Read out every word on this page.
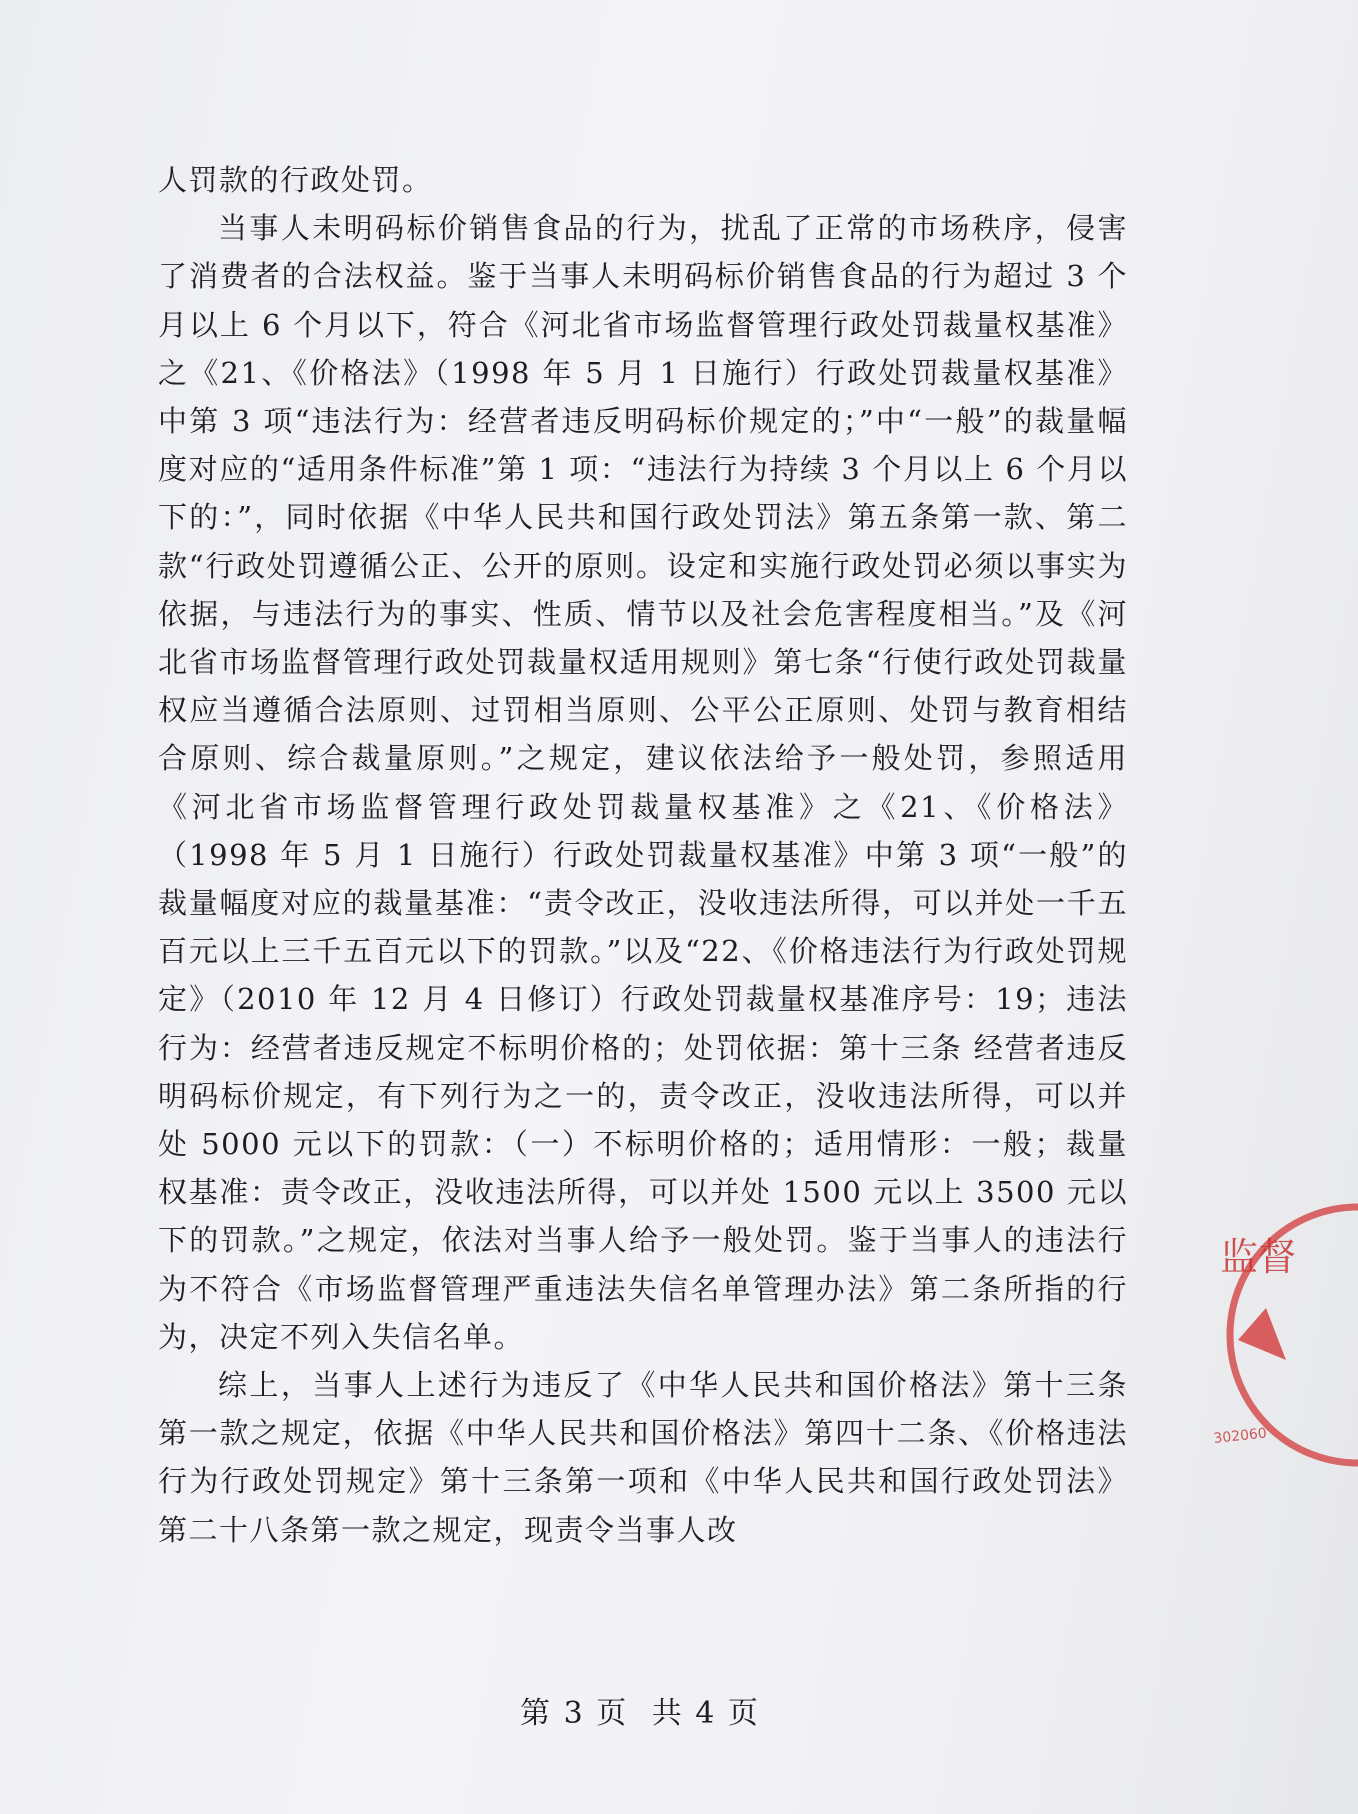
人罚款的行政处罚。

当事人未明码标价销售食品的行为，扰乱了正常的市场秩序，侵害了消费者的合法权益。鉴于当事人未明码标价销售食品的行为超过 3 个月以上 6 个月以下，符合《河北省市场监督管理行政处罚裁量权基准》之《21、《价格法》（1998 年 5 月 1 日施行）行政处罚裁量权基准》中第 3 项“违法行为：经营者违反明码标价规定的；”中“一般”的裁量幅度对应的“适用条件标准”第 1 项：“违法行为持续 3 个月以上 6 个月以下的：”，同时依据《中华人民共和国行政处罚法》第五条第一款、第二款“行政处罚遵循公正、公开的原则。设定和实施行政处罚必须以事实为依据，与违法行为的事实、性质、情节以及社会危害程度相当。”及《河北省市场监督管理行政处罚裁量权适用规则》第七条“行使行政处罚裁量权应当遵循合法原则、过罚相当原则、公平公正原则、处罚与教育相结合原则、综合裁量原则。”之规定，建议依法给予一般处罚，参照适用《河北省市场监督管理行政处罚裁量权基准》之《21、《价格法》（1998 年 5 月 1 日施行）行政处罚裁量权基准》中第 3 项“一般”的裁量幅度对应的裁量基准：“责令改正，没收违法所得，可以并处一千五百元以上三千五百元以下的罚款。”以及“22、《价格违法行为行政处罚规定》（2010 年 12 月 4 日修订）行政处罚裁量权基准序号：19；违法行为：经营者违反规定不标明价格的；处罚依据：第十三条 经营者违反明码标价规定，有下列行为之一的，责令改正，没收违法所得，可以并处 5000 元以下的罚款：（一）不标明价格的；适用情形：一般；裁量权基准：责令改正，没收违法所得，可以并处 1500 元以上 3500 元以下的罚款。”之规定，依法对当事人给予一般处罚。鉴于当事人的违法行为不符合《市场监督管理严重违法失信名单管理办法》第二条所指的行为，决定不列入失信名单。

综上，当事人上述行为违反了《中华人民共和国价格法》第十三条第一款之规定，依据《中华人民共和国价格法》第四十二条、《价格违法行为行政处罚规定》第十三条第一项和《中华人民共和国行政处罚法》第二十八条第一款之规定，现责令当事人改

监督
302060
第 3 页 共 4 页
